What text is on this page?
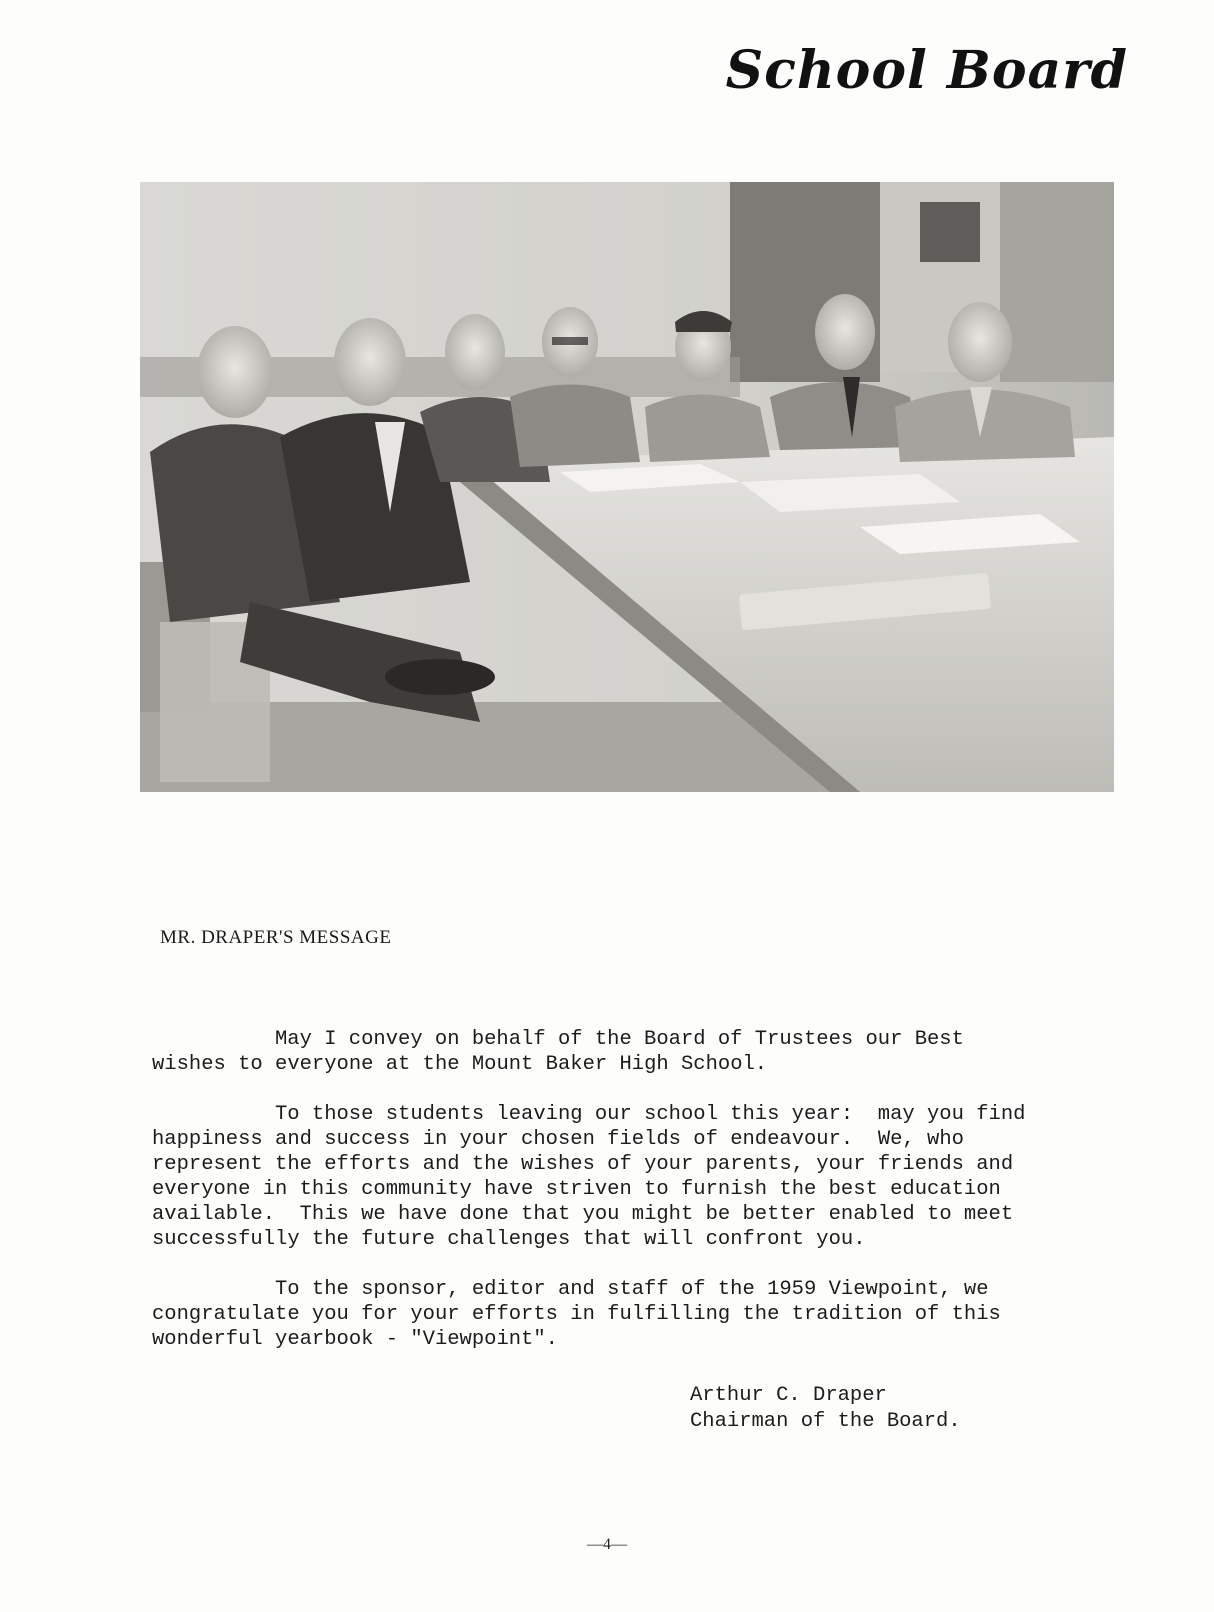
School Board
MR. DRAPER'S MESSAGE

May I convey on behalf of the Board of Trustees our Best
wishes to everyone at the Mount Baker High School.

To those students leaving our school this year:  may you find
happiness and success in your chosen fields of endeavour.  We, who
represent the efforts and the wishes of your parents, your friends and
everyone in this community have striven to furnish the best education
available.  This we have done that you might be better enabled to meet
successfully the future challenges that will confront you.

To the sponsor, editor and staff of the 1959 Viewpoint, we
congratulate you for your efforts in fulfilling the tradition of this
wonderful yearbook - "Viewpoint".

Arthur C. Draper
Chairman of the Board.
—4—
